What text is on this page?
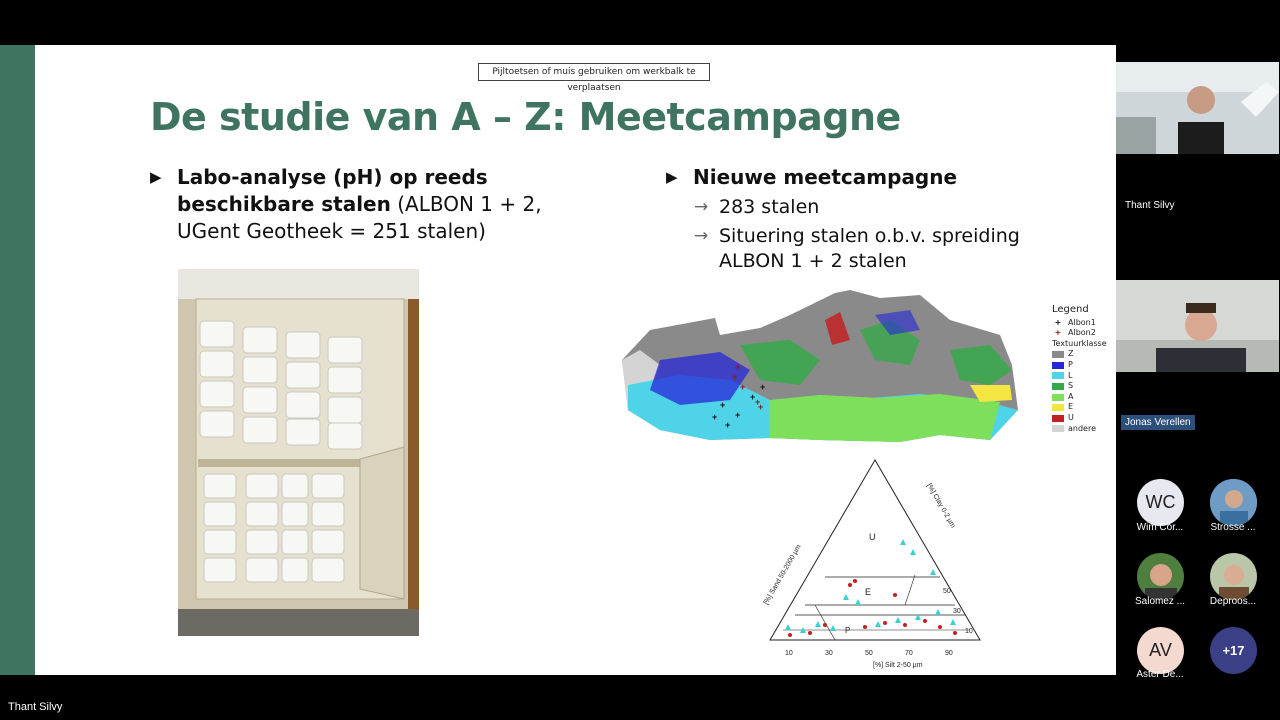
Pijltoetsen of muis gebruiken om werkbalk te verplaatsen
De studie van A – Z: Meetcampagne
▶ Labo-analyse (pH) op reeds beschikbare stalen (ALBON 1 + 2, UGent Geotheek = 251 stalen)
▶ Nieuwe meetcampagne
→ 283 stalen
→ Situering stalen o.b.v. spreiding ALBON 1 + 2 stalen
+
+
+
+
+
+
+
+
+
+
+
Legend
+ Albon1
+ Albon2
Textuurklasse
Z
P
L
S
A
E
U
andere
U
E
P
[%] Clay 0-2 µm
[%] Sand 50-2000 µm
[%] Silt 2-50 µm
50
30
10
10	30	50	70	90
Thant Silvy
Thant Silvy
Jonas Verellen
WC
Wim Cor...	Strosse ...
Salomez ...	Deproos...
AV
Aster De...
+17
